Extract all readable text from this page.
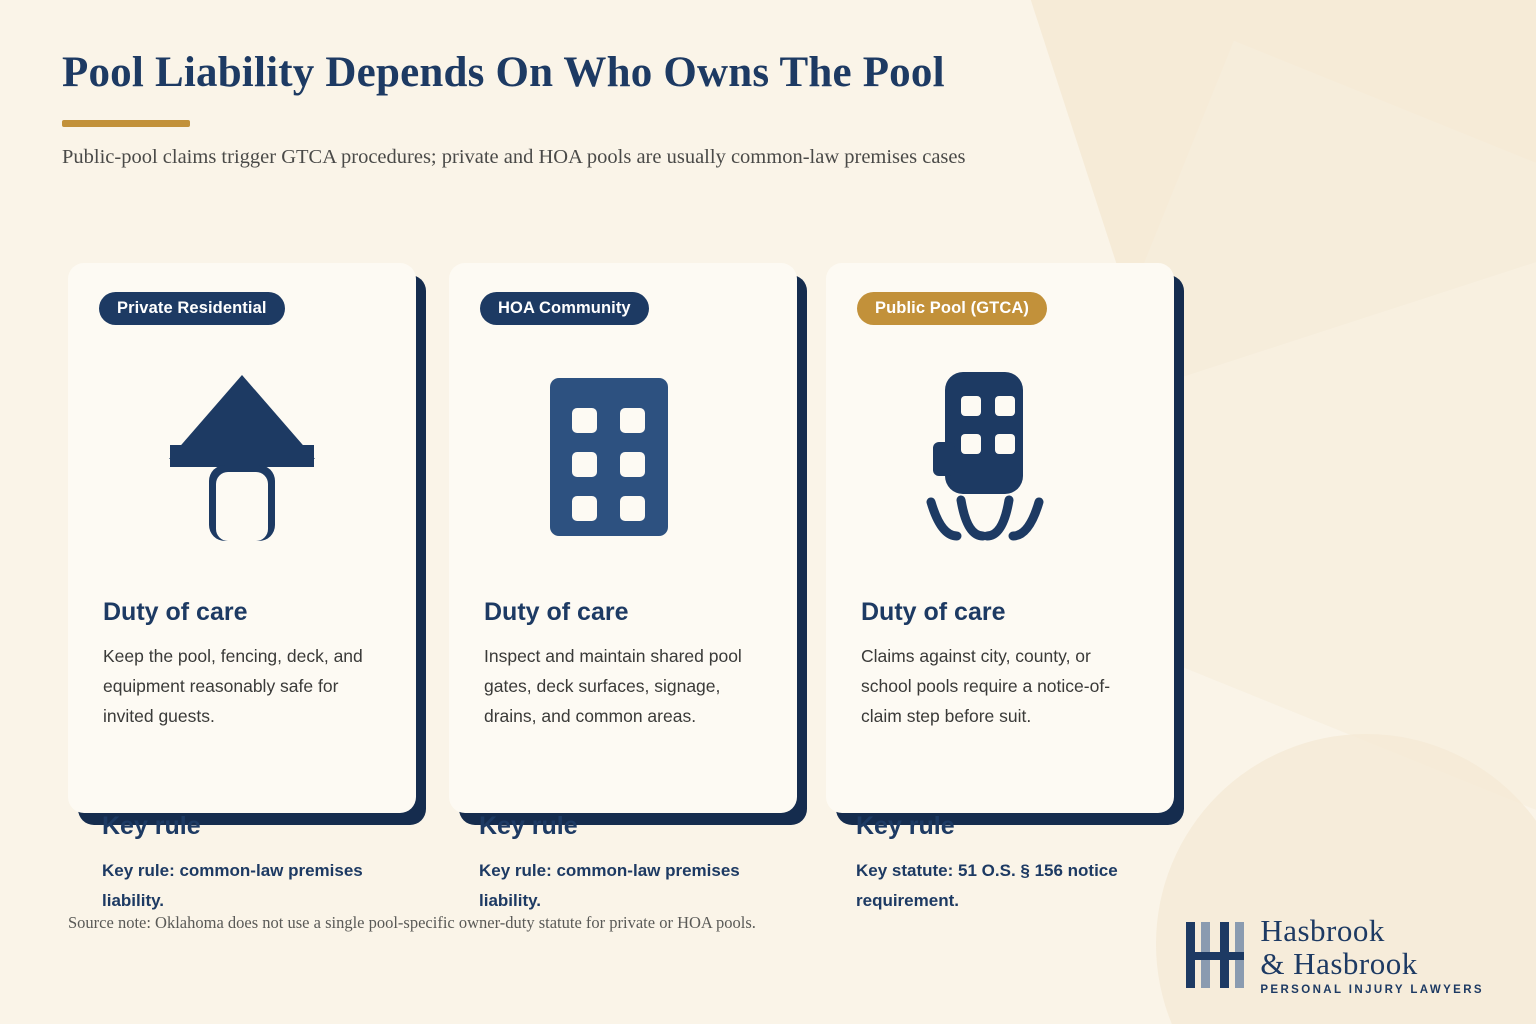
Pool Liability Depends On Who Owns The Pool

Public-pool claims trigger GTCA procedures; private and HOA pools are usually common-law premises cases

Private Residential
Duty of care

Keep the pool, fencing, deck, and equipment reasonably safe for invited guests.

HOA Community
Duty of care

Inspect and maintain shared pool gates, deck surfaces, signage, drains, and common areas.

Public Pool (GTCA)
Duty of care

Claims against city, county, or school pools require a notice-of-claim step before suit.

Key rule

Key rule: common-law premises liability.

Key rule

Key rule: common-law premises liability.

Key rule

Key statute: 51 O.S. § 156 notice requirement.

Source note: Oklahoma does not use a single pool-specific owner-duty statute for private or HOA pools.	Hasbrook
& Hasbrook
PERSONAL INJURY LAWYERS
